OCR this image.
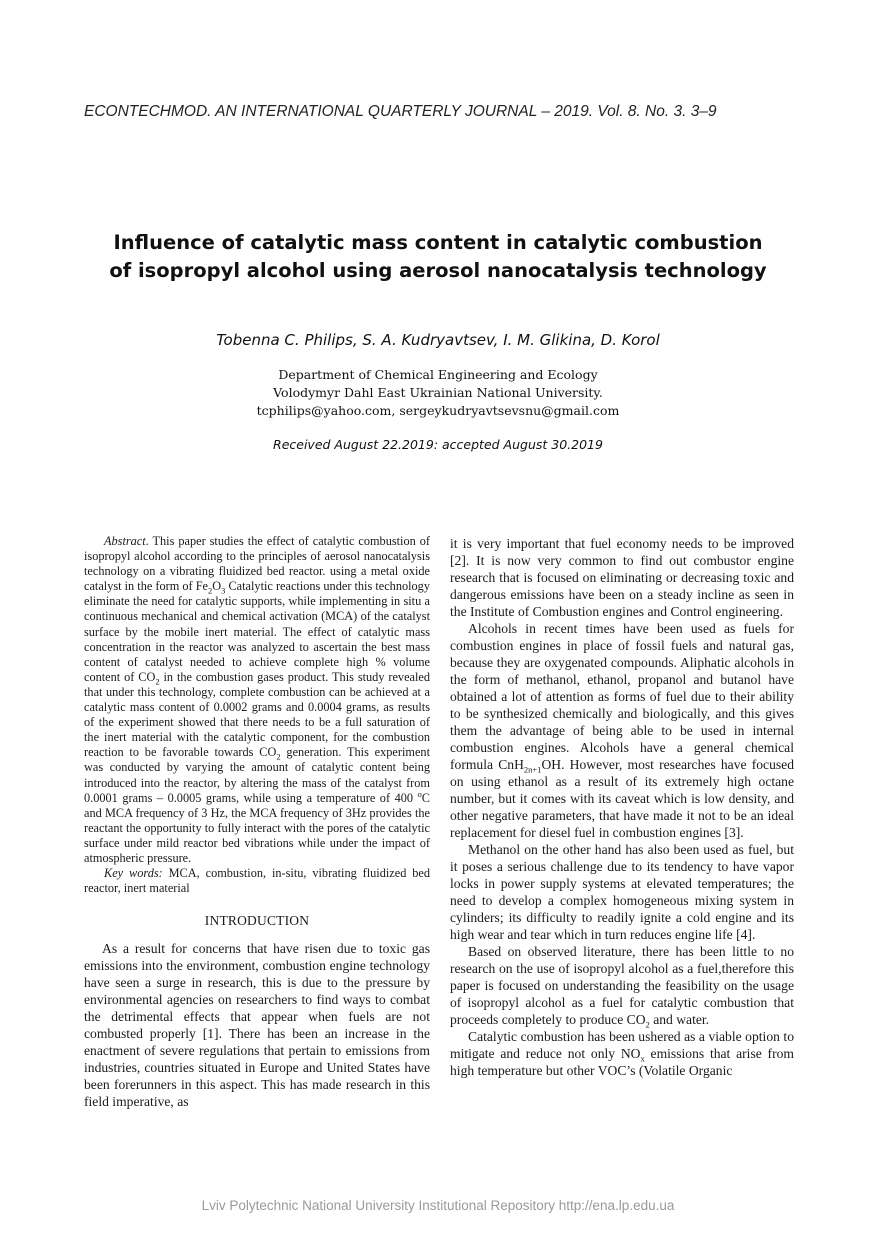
ECONTECHMOD. AN INTERNATIONAL QUARTERLY JOURNAL – 2019. Vol. 8. No. 3. 3–9
Influence of catalytic mass content in catalytic combustion
of isopropyl alcohol using aerosol nanocatalysis technology
Tobenna C. Philips, S. A. Kudryavtsev, I. M. Glikina, D. Korol
Department of Chemical Engineering and Ecology
Volodymyr Dahl East Ukrainian National University.
tcphilips@yahoo.com, sergeykudryavtsevsnu@gmail.com
Received August 22.2019: accepted August 30.2019

Abstract. This paper studies the effect of catalytic combustion of isopropyl alcohol according to the principles of aerosol nanocatalysis technology on a vibrating fluidized bed reactor. using a metal oxide catalyst in the form of $Fe_2O_3$ Catalytic reactions under this technology eliminate the need for catalytic supports, while implementing in situ a continuous mechanical and chemical activation (MCA) of the catalyst surface by the mobile inert material. The effect of catalytic mass concentration in the reactor was analyzed to ascertain the best mass content of catalyst needed to achieve complete high % volume content of $CO_2$ in the combustion gases product. This study revealed that under this technology, complete combustion can be achieved at a catalytic mass content of 0.0002 grams and 0.0004 grams, as results of the experiment showed that there needs to be a full saturation of the inert material with the catalytic component, for the combustion reaction to be favorable towards $CO_2$ generation. This experiment was conducted by varying the amount of catalytic content being introduced into the reactor, by altering the mass of the catalyst from 0.0001 grams – 0.0005 grams, while using a temperature of 400 $^o$C and MCA frequency of 3 Hz, the MCA frequency of 3Hz provides the reactant the opportunity to fully interact with the pores of the catalytic surface under mild reactor bed vibrations while under the impact of atmospheric pressure.

Key words: MCA, combustion, in-situ, vibrating fluidized bed reactor, inert material

INTRODUCTION

As a result for concerns that have risen due to toxic gas emissions into the environment, combustion engine technology have seen a surge in research, this is due to the pressure by environmental agencies on researchers to find ways to combat the detrimental effects that appear when fuels are not combusted properly [1]. There has been an increase in the enactment of severe regulations that pertain to emissions from industries, countries situated in Europe and United States have been forerunners in this aspect. This has made research in this field imperative, as

it is very important that fuel economy needs to be improved [2]. It is now very common to find out combustor engine research that is focused on eliminating or decreasing toxic and dangerous emissions have been on a steady incline as seen in the Institute of Combustion engines and Control engineering.

Alcohols in recent times have been used as fuels for combustion engines in place of fossil fuels and natural gas, because they are oxygenated compounds. Aliphatic alcohols in the form of methanol, ethanol, propanol and butanol have obtained a lot of attention as forms of fuel due to their ability to be synthesized chemically and biologically, and this gives them the advantage of being able to be used in internal combustion engines. Alcohols have a general chemical formula CnH$_{2n+1}$OH. However, most researches have focused on using ethanol as a result of its extremely high octane number, but it comes with its caveat which is low density, and other negative parameters, that have made it not to be an ideal replacement for diesel fuel in combustion engines [3].

Methanol on the other hand has also been used as fuel, but it poses a serious challenge due to its tendency to have vapor locks in power supply systems at elevated temperatures; the need to develop a complex homogeneous mixing system in cylinders; its difficulty to readily ignite a cold engine and its high wear and tear which in turn reduces engine life [4].

Based on observed literature, there has been little to no research on the use of isopropyl alcohol as a fuel,therefore this paper is focused on understanding the feasibility on the usage of isopropyl alcohol as a fuel for catalytic combustion that proceeds completely to produce $CO_2$ and water.

Catalytic combustion has been ushered as a viable option to mitigate and reduce not only $NO_x$ emissions that arise from high temperature but other VOC’s (Volatile Organic

Lviv Polytechnic National University Institutional Repository http://ena.lp.edu.ua
